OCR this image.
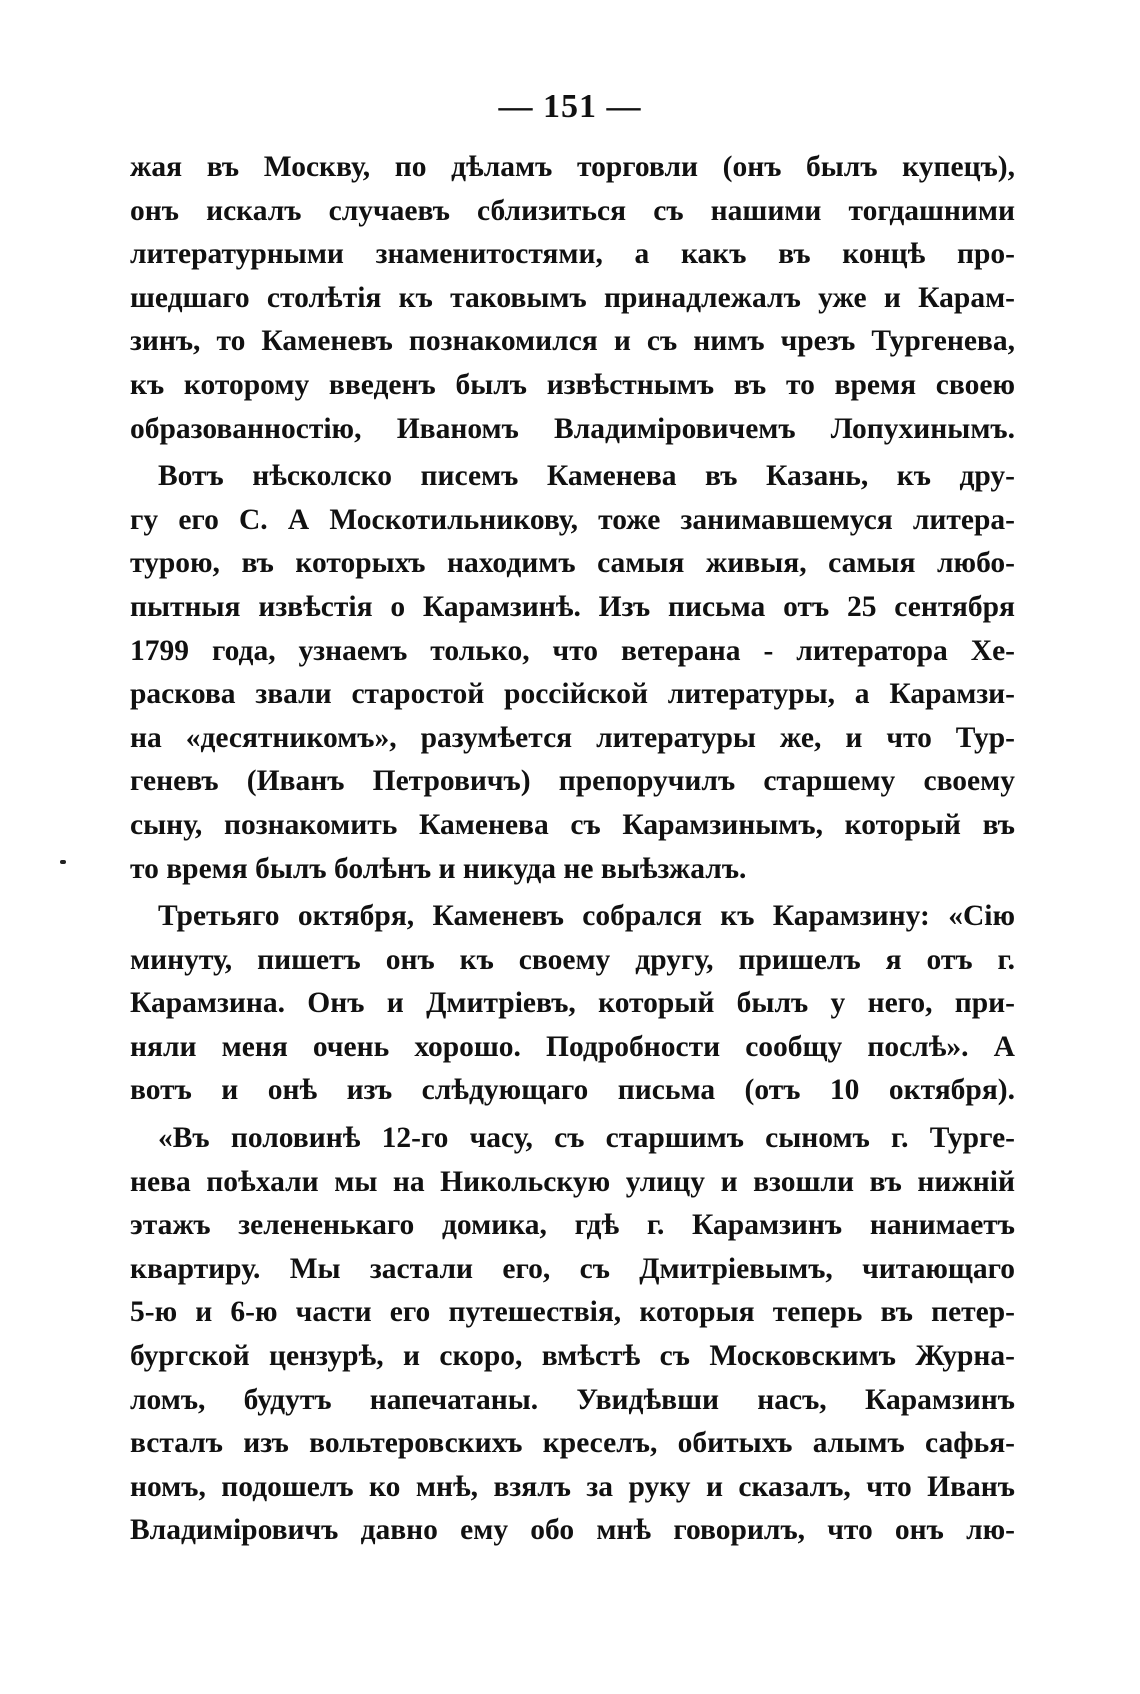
— 151 —
жая въ Москву, по дѣламъ торговли (онъ былъ купецъ),
онъ искалъ случаевъ сблизиться съ нашими тогдашними
литературными знаменитостями, а какъ въ концѣ про-
шедшаго столѣтія къ таковымъ принадлежалъ уже и Карам-
зинъ, то Каменевъ познакомился и съ нимъ чрезъ Тургенева,
къ которому введенъ былъ извѣстнымъ въ то время своею
образованностію, Иваномъ Владиміровичемъ Лопухинымъ.
Вотъ нѣсколско писемъ Каменева въ Казань, къ дру-
гу его С. А Москотильникову, тоже занимавшемуся литера-
турою, въ которыхъ находимъ самыя живыя, самыя любо-
пытныя извѣстія о Карамзинѣ. Изъ письма отъ 25 сентября
1799 года, узнаемъ только, что ветерана - литератора Хе-
раскова звали старостой россійской литературы, а Карамзи-
на «десятникомъ», разумѣется литературы же, и что Тур-
геневъ (Иванъ Петровичъ) препоручилъ старшему своему
сыну, познакомить Каменева съ Карамзинымъ, который въ
то время былъ болѣнъ и никуда не выѣзжалъ.
Третьяго октября, Каменевъ собрался къ Карамзину: «Сію
минуту, пишетъ онъ къ своему другу, пришелъ я отъ г.
Карамзина. Онъ и Дмитріевъ, который былъ у него, при-
няли меня очень хорошо. Подробности сообщу послѣ». А
вотъ и онѣ изъ слѣдующаго письма (отъ 10 октября).
«Въ половинѣ 12-го часу, съ старшимъ сыномъ г. Турге-
нева поѣхали мы на Никольскую улицу и взошли въ нижній
этажъ зелененькаго домика, гдѣ г. Карамзинъ нанимаетъ
квартиру. Мы застали его, съ Дмитріевымъ, читающаго
5-ю и 6-ю части его путешествія, которыя теперь въ петер-
бургской цензурѣ, и скоро, вмѣстѣ съ Московскимъ Журна-
ломъ, будутъ напечатаны. Увидѣвши насъ, Карамзинъ
всталъ изъ вольтеровскихъ креселъ, обитыхъ алымъ сафья-
номъ, подошелъ ко мнѣ, взялъ за руку и сказалъ, что Иванъ
Владиміровичъ давно ему обо мнѣ говорилъ, что онъ лю-
